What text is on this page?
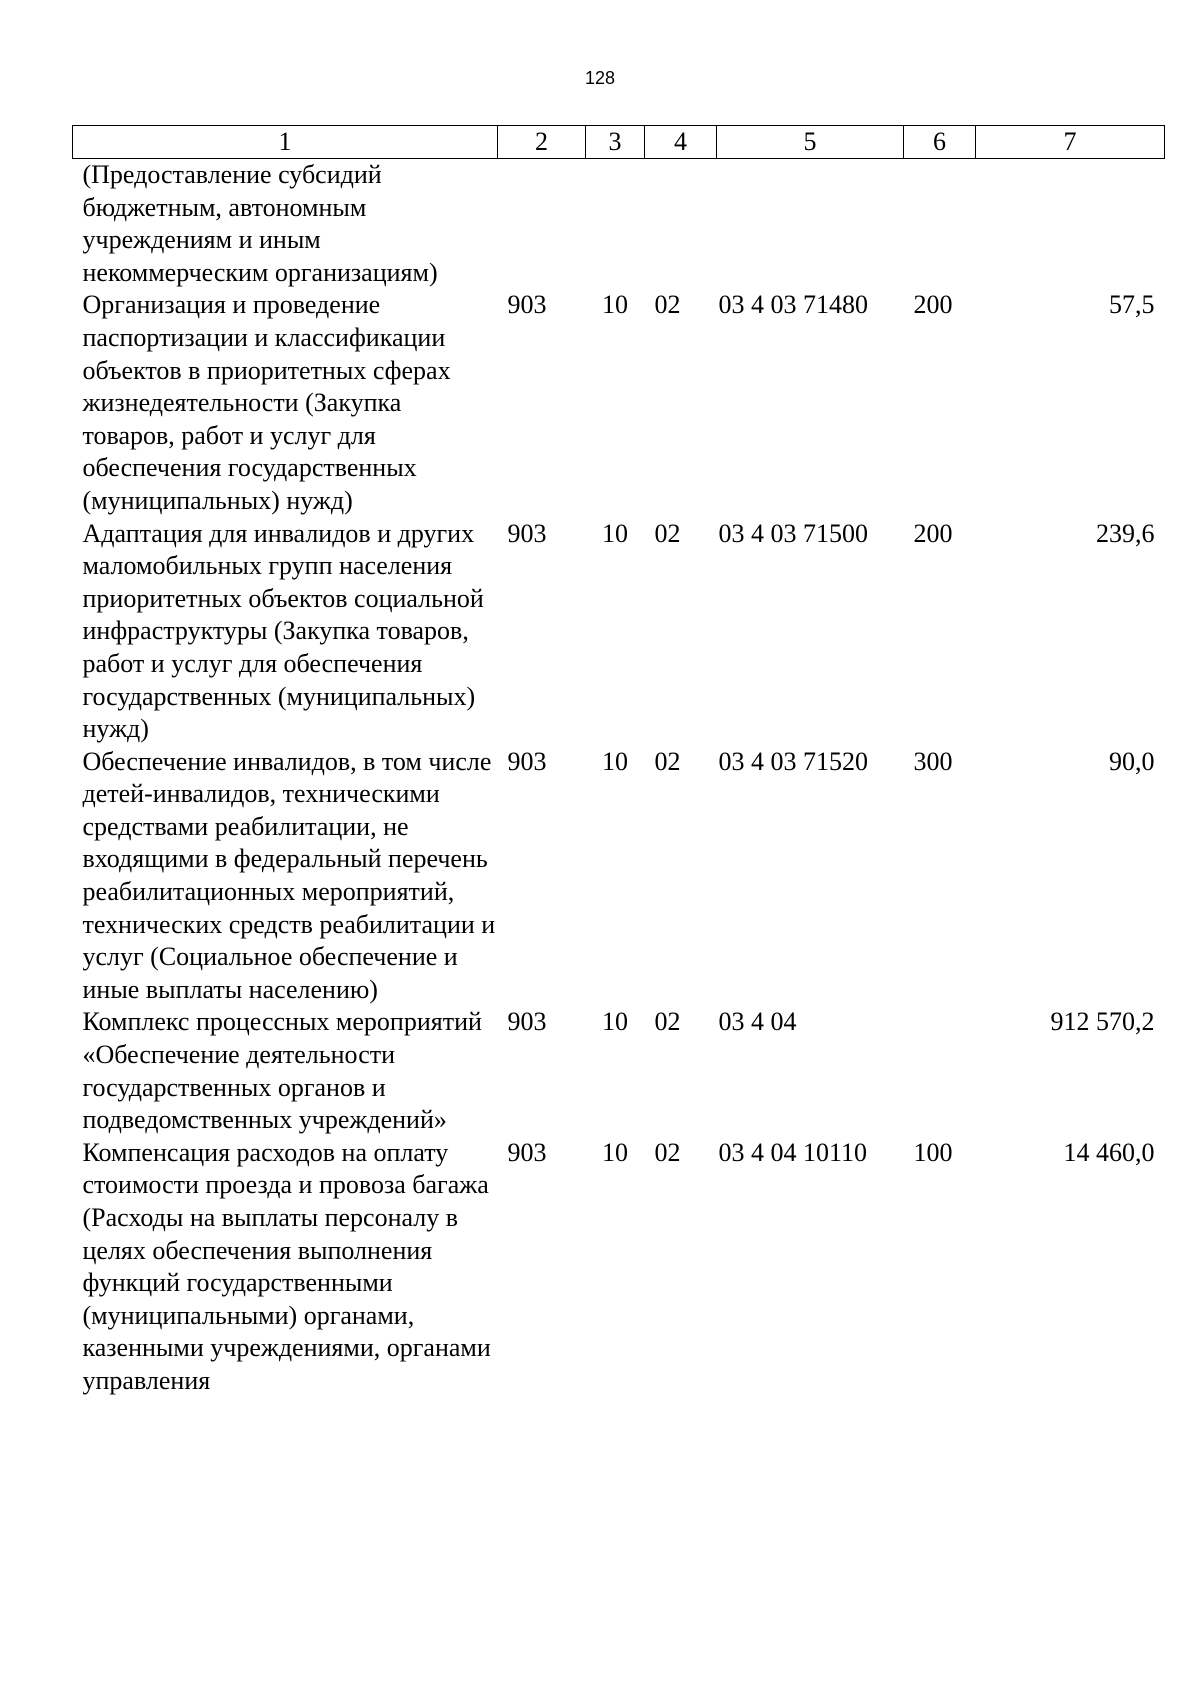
128
1	2	3	4	5	6	7
(Предоставление субсидий бюджетным, автономным учреждениям и иным некоммерческим организациям)						
Организация и проведение паспортизации и классификации объектов в приоритетных сферах жизнедеятельности (Закупка товаров, работ и услуг для обеспечения государственных (муниципальных) нужд)	903	10	02	03 4 03 71480	200	57,5
Адаптация для инвалидов и других маломобильных групп населения приоритетных объектов социальной инфраструктуры (Закупка товаров, работ и услуг для обеспечения государственных (муниципальных) нужд)	903	10	02	03 4 03 71500	200	239,6
Обеспечение инвалидов, в том числе детей-инвалидов, техническими средствами реабилитации, не входящими в федеральный перечень реабилитационных мероприятий, технических средств реабилитации и услуг (Социальное обеспечение и иные выплаты населению)	903	10	02	03 4 03 71520	300	90,0
Комплекс процессных мероприятий «Обеспечение деятельности государственных органов и подведомственных учреждений»	903	10	02	03 4 04		912 570,2
Компенсация расходов на оплату стоимости проезда и провоза багажа (Расходы на выплаты персоналу в целях обеспечения выполнения функций государственными (муниципальными) органами, казенными учреждениями, органами управления	903	10	02	03 4 04 10110	100	14 460,0
